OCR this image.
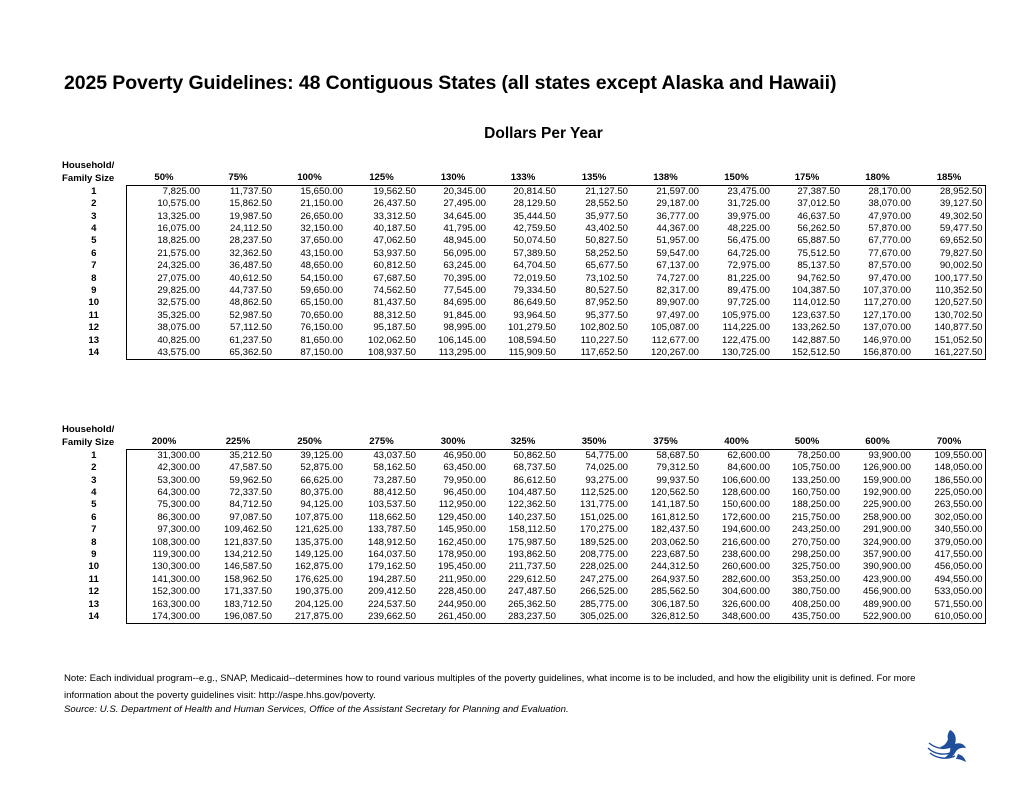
2025 Poverty Guidelines: 48 Contiguous States (all states except Alaska and Hawaii)
Dollars Per Year
Household/												
Family Size	50%	75%	100%	125%	130%	133%	135%	138%	150%	175%	180%	185%
1	7,825.00	11,737.50	15,650.00	19,562.50	20,345.00	20,814.50	21,127.50	21,597.00	23,475.00	27,387.50	28,170.00	28,952.50
2	10,575.00	15,862.50	21,150.00	26,437.50	27,495.00	28,129.50	28,552.50	29,187.00	31,725.00	37,012.50	38,070.00	39,127.50
3	13,325.00	19,987.50	26,650.00	33,312.50	34,645.00	35,444.50	35,977.50	36,777.00	39,975.00	46,637.50	47,970.00	49,302.50
4	16,075.00	24,112.50	32,150.00	40,187.50	41,795.00	42,759.50	43,402.50	44,367.00	48,225.00	56,262.50	57,870.00	59,477.50
5	18,825.00	28,237.50	37,650.00	47,062.50	48,945.00	50,074.50	50,827.50	51,957.00	56,475.00	65,887.50	67,770.00	69,652.50
6	21,575.00	32,362.50	43,150.00	53,937.50	56,095.00	57,389.50	58,252.50	59,547.00	64,725.00	75,512.50	77,670.00	79,827.50
7	24,325.00	36,487.50	48,650.00	60,812.50	63,245.00	64,704.50	65,677.50	67,137.00	72,975.00	85,137.50	87,570.00	90,002.50
8	27,075.00	40,612.50	54,150.00	67,687.50	70,395.00	72,019.50	73,102.50	74,727.00	81,225.00	94,762.50	97,470.00	100,177.50
9	29,825.00	44,737.50	59,650.00	74,562.50	77,545.00	79,334.50	80,527.50	82,317.00	89,475.00	104,387.50	107,370.00	110,352.50
10	32,575.00	48,862.50	65,150.00	81,437.50	84,695.00	86,649.50	87,952.50	89,907.00	97,725.00	114,012.50	117,270.00	120,527.50
11	35,325.00	52,987.50	70,650.00	88,312.50	91,845.00	93,964.50	95,377.50	97,497.00	105,975.00	123,637.50	127,170.00	130,702.50
12	38,075.00	57,112.50	76,150.00	95,187.50	98,995.00	101,279.50	102,802.50	105,087.00	114,225.00	133,262.50	137,070.00	140,877.50
13	40,825.00	61,237.50	81,650.00	102,062.50	106,145.00	108,594.50	110,227.50	112,677.00	122,475.00	142,887.50	146,970.00	151,052.50
14	43,575.00	65,362.50	87,150.00	108,937.50	113,295.00	115,909.50	117,652.50	120,267.00	130,725.00	152,512.50	156,870.00	161,227.50
Household/												
Family Size	200%	225%	250%	275%	300%	325%	350%	375%	400%	500%	600%	700%
1	31,300.00	35,212.50	39,125.00	43,037.50	46,950.00	50,862.50	54,775.00	58,687.50	62,600.00	78,250.00	93,900.00	109,550.00
2	42,300.00	47,587.50	52,875.00	58,162.50	63,450.00	68,737.50	74,025.00	79,312.50	84,600.00	105,750.00	126,900.00	148,050.00
3	53,300.00	59,962.50	66,625.00	73,287.50	79,950.00	86,612.50	93,275.00	99,937.50	106,600.00	133,250.00	159,900.00	186,550.00
4	64,300.00	72,337.50	80,375.00	88,412.50	96,450.00	104,487.50	112,525.00	120,562.50	128,600.00	160,750.00	192,900.00	225,050.00
5	75,300.00	84,712.50	94,125.00	103,537.50	112,950.00	122,362.50	131,775.00	141,187.50	150,600.00	188,250.00	225,900.00	263,550.00
6	86,300.00	97,087.50	107,875.00	118,662.50	129,450.00	140,237.50	151,025.00	161,812.50	172,600.00	215,750.00	258,900.00	302,050.00
7	97,300.00	109,462.50	121,625.00	133,787.50	145,950.00	158,112.50	170,275.00	182,437.50	194,600.00	243,250.00	291,900.00	340,550.00
8	108,300.00	121,837.50	135,375.00	148,912.50	162,450.00	175,987.50	189,525.00	203,062.50	216,600.00	270,750.00	324,900.00	379,050.00
9	119,300.00	134,212.50	149,125.00	164,037.50	178,950.00	193,862.50	208,775.00	223,687.50	238,600.00	298,250.00	357,900.00	417,550.00
10	130,300.00	146,587.50	162,875.00	179,162.50	195,450.00	211,737.50	228,025.00	244,312.50	260,600.00	325,750.00	390,900.00	456,050.00
11	141,300.00	158,962.50	176,625.00	194,287.50	211,950.00	229,612.50	247,275.00	264,937.50	282,600.00	353,250.00	423,900.00	494,550.00
12	152,300.00	171,337.50	190,375.00	209,412.50	228,450.00	247,487.50	266,525.00	285,562.50	304,600.00	380,750.00	456,900.00	533,050.00
13	163,300.00	183,712.50	204,125.00	224,537.50	244,950.00	265,362.50	285,775.00	306,187.50	326,600.00	408,250.00	489,900.00	571,550.00
14	174,300.00	196,087.50	217,875.00	239,662.50	261,450.00	283,237.50	305,025.00	326,812.50	348,600.00	435,750.00	522,900.00	610,050.00
Note: Each individual program--e.g., SNAP, Medicaid--determines how to round various multiples of the poverty guidelines, what income is to be included, and how the eligibility unit is defined. For more information about the poverty guidelines visit: http://aspe.hhs.gov/poverty.
Source: U.S. Department of Health and Human Services, Office of the Assistant Secretary for Planning and Evaluation.
